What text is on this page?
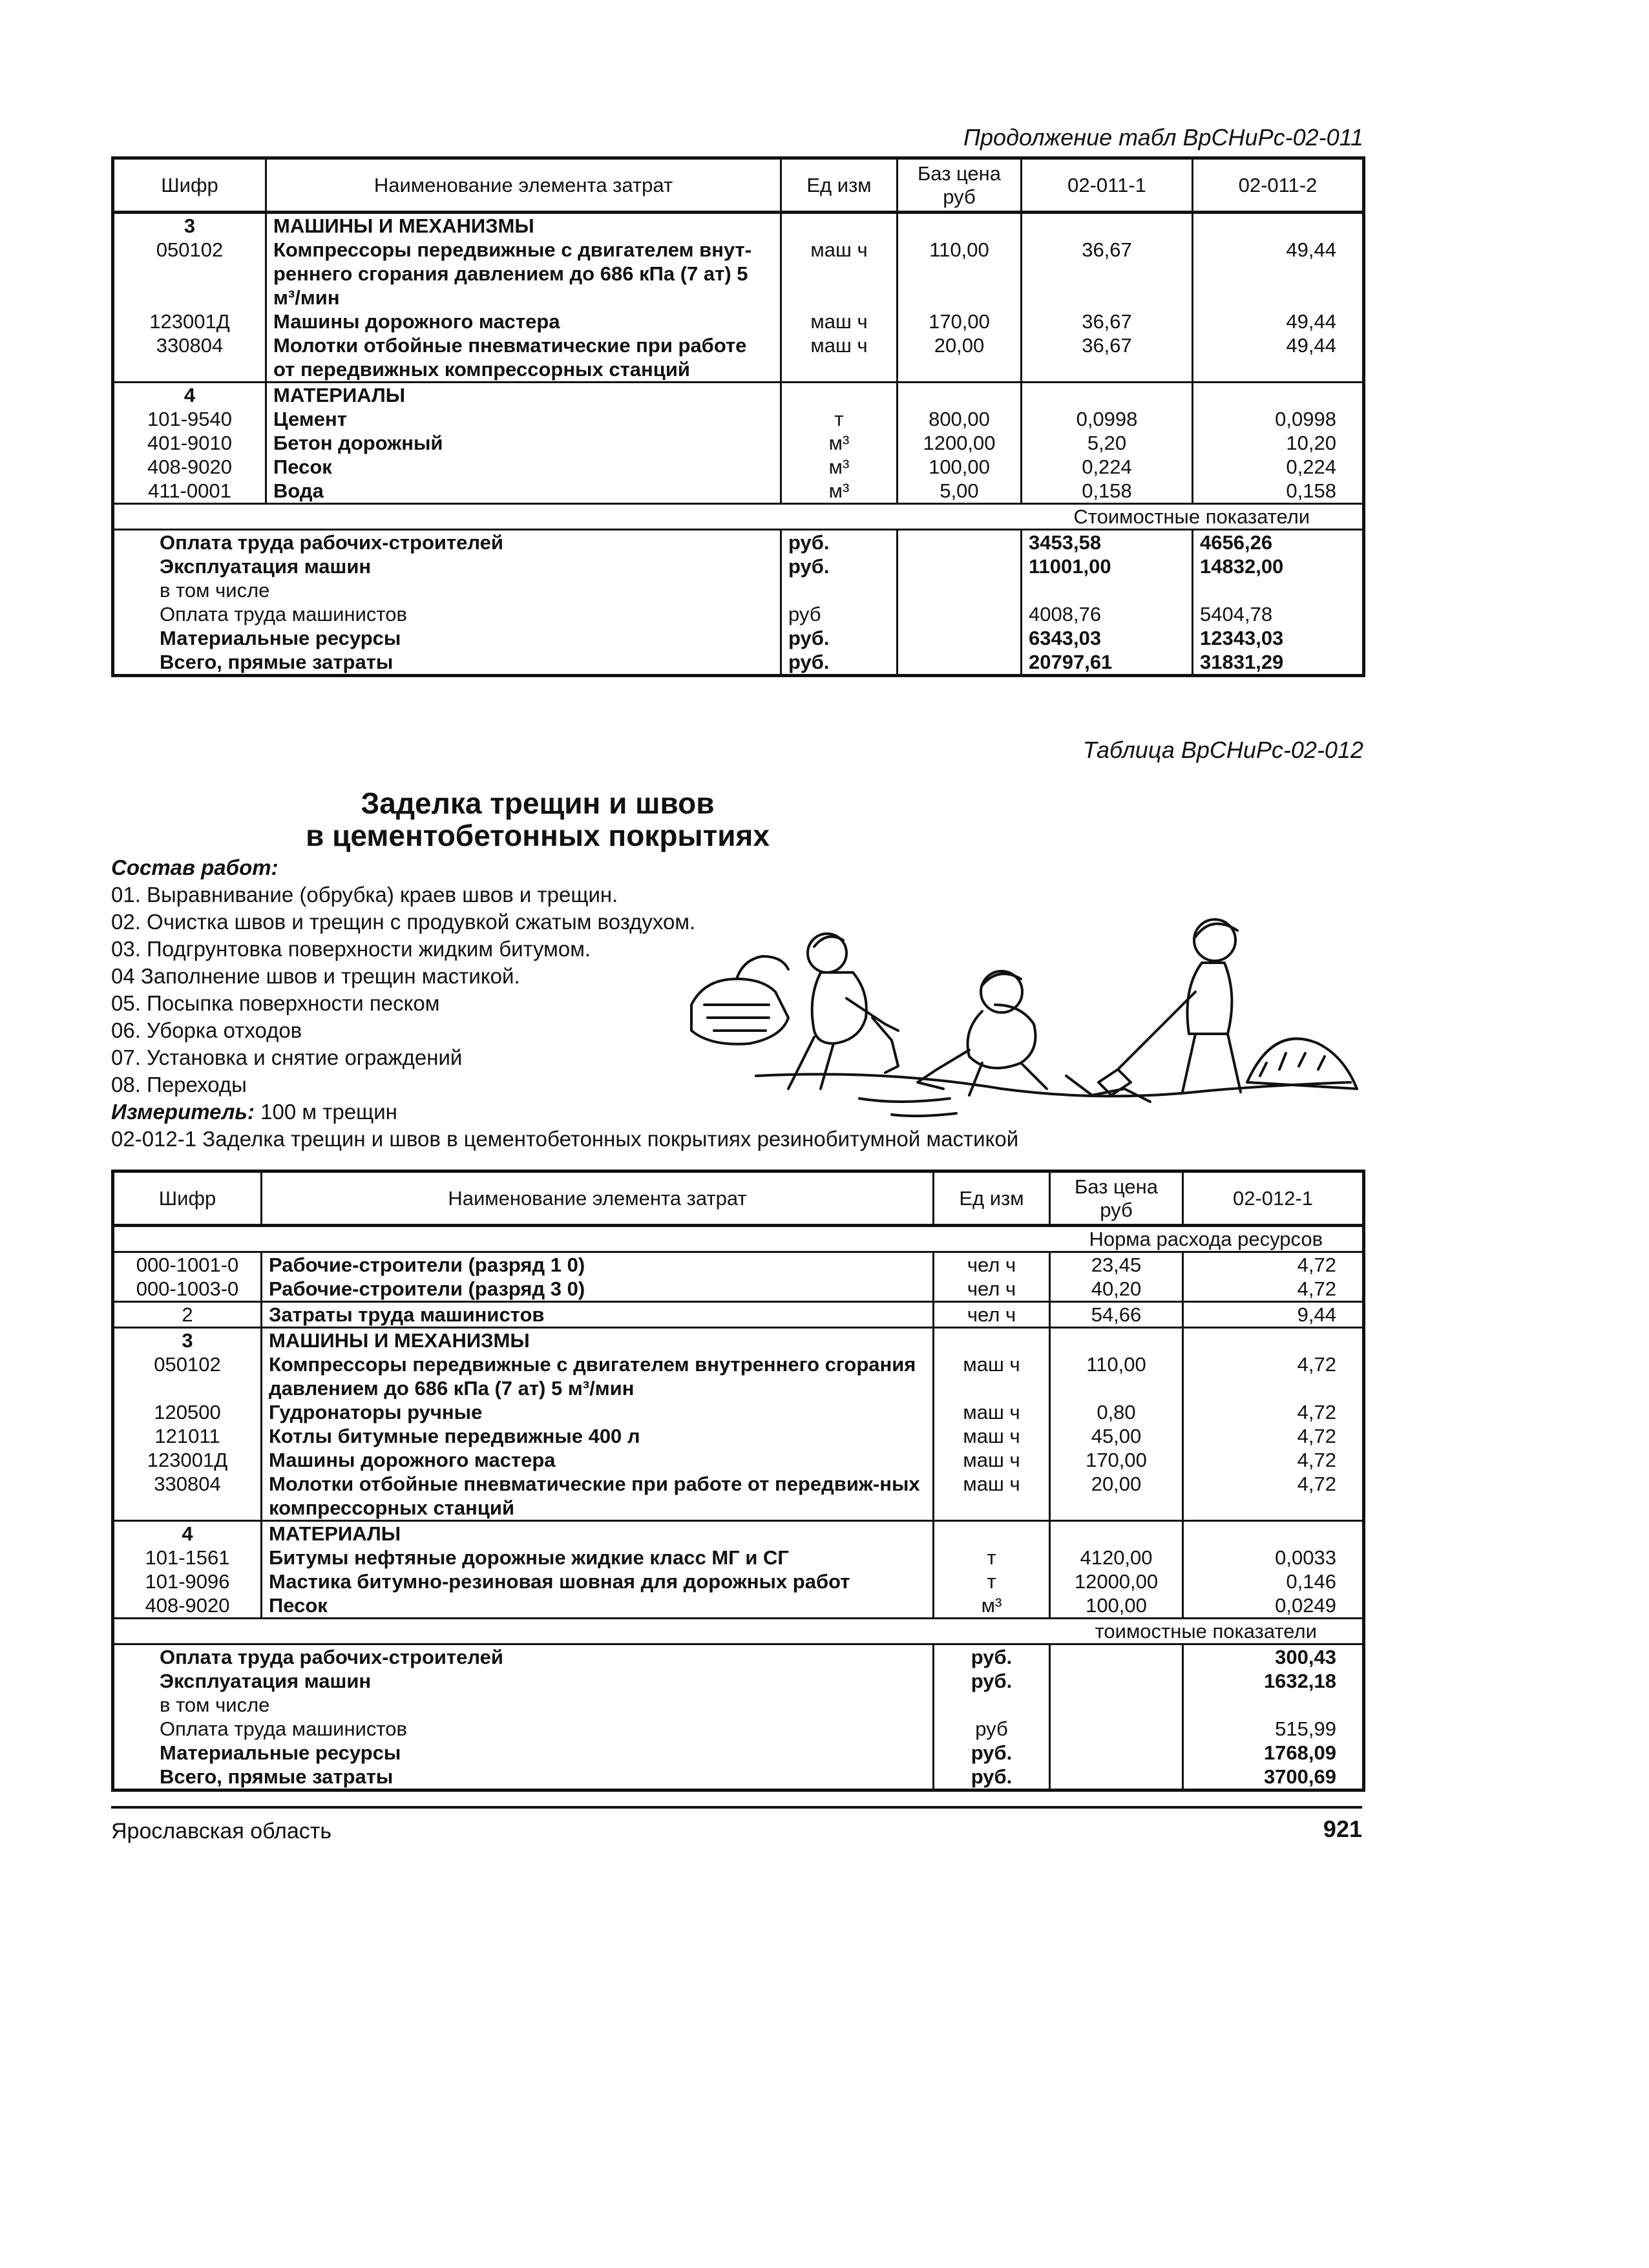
Продолжение табл ВрСНиРс-02-011
Шифр	Наименование элемента затрат	Ед изм	Баз цена руб	02-011-1	02-011-2
3	МАШИНЫ И МЕХАНИЗМЫ				
050102	Компрессоры передвижные с двигателем внут-реннего сгорания давлением до 686 кПа (7 ат) 5 м³/мин	маш ч	110,00	36,67	49,44
123001Д	Машины дорожного мастера	маш ч	170,00	36,67	49,44
330804	Молотки отбойные пневматические при работе от передвижных компрессорных станций	маш ч	20,00	36,67	49,44
4	МАТЕРИАЛЫ				
101-9540	Цемент	т	800,00	0,0998	0,0998
401-9010	Бетон дорожный	м³	1200,00	5,20	10,20
408-9020	Песок	м³	100,00	0,224	0,224
411-0001	Вода	м³	5,00	0,158	0,158
				Стоимостные показатели	
Оплата труда рабочих-строителей		руб.		3453,58	4656,26
Эксплуатация машин		руб.		11001,00	14832,00
в том числе					
Оплата труда машинистов		руб		4008,76	5404,78
Материальные ресурсы		руб.		6343,03	12343,03
Всего, прямые затраты		руб.		20797,61	31831,29
Таблица ВрСНиРс-02-012
Заделка трещин и швов
в цементобетонных покрытиях
Состав работ:
01. Выравнивание (обрубка) краев швов и трещин.
02. Очистка швов и трещин с продувкой сжатым воздухом.
03. Подгрунтовка поверхности жидким битумом.
04 Заполнение швов и трещин мастикой.
05. Посыпка поверхности песком
06. Уборка отходов
07. Установка и снятие ограждений
08. Переходы
Измеритель: 100 м трещин
02-012-1 Заделка трещин и швов в цементобетонных покрытиях резинобитумной мастикой
Шифр	Наименование элемента затрат	Ед изм	Баз цена руб	02-012-1
			Норма расхода ресурсов	
000-1001-0	Рабочие-строители (разряд 1 0)	чел ч	23,45	4,72
000-1003-0	Рабочие-строители (разряд 3 0)	чел ч	40,20	4,72
2	Затраты труда машинистов	чел ч	54,66	9,44
3	МАШИНЫ И МЕХАНИЗМЫ			
050102	Компрессоры передвижные с двигателем внутреннего сгорания давлением до 686 кПа (7 ат) 5 м³/мин	маш ч	110,00	4,72
120500	Гудронаторы ручные	маш ч	0,80	4,72
121011	Котлы битумные передвижные 400 л	маш ч	45,00	4,72
123001Д	Машины дорожного мастера	маш ч	170,00	4,72
330804	Молотки отбойные пневматические при работе от передвиж-ных компрессорных станций	маш ч	20,00	4,72
4	МАТЕРИАЛЫ			
101-1561	Битумы нефтяные дорожные жидкие класс МГ и СГ	т	4120,00	0,0033
101-9096	Мастика битумно-резиновая шовная для дорожных работ	т	12000,00	0,146
408-9020	Песок	м³	100,00	0,0249
			тоимостные показатели	
Оплата труда рабочих-строителей		руб.		300,43
Эксплуатация машин		руб.		1632,18
в том числе				
Оплата труда машинистов		руб		515,99
Материальные ресурсы		руб.		1768,09
Всего, прямые затраты		руб.		3700,69
Ярославская область	921
